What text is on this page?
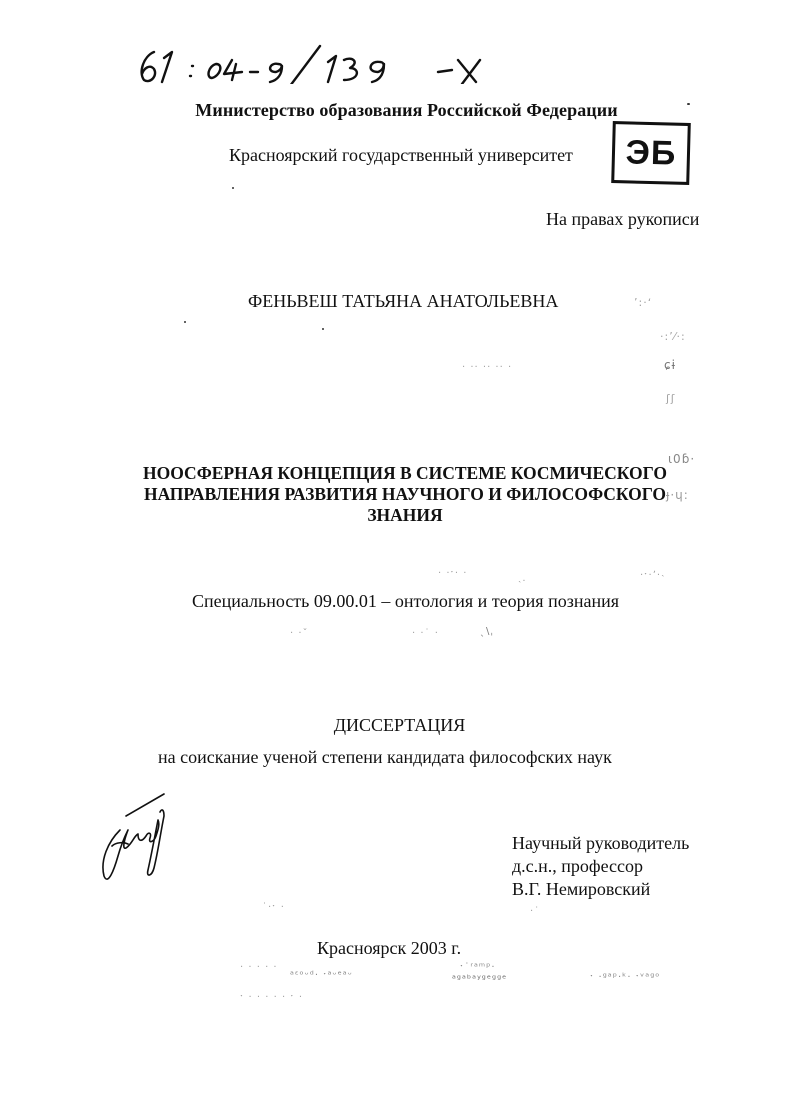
Министерство образования Российской Федерации
Красноярский государственный университет ЭБ
На правах рукописи
ФЕНЬВЕШ ТАТЬЯНА АНАТОЛЬЕВНА
НООСФЕРНАЯ КОНЦЕПЦИЯ В СИСТЕМЕ КОСМИЧЕСКОГО
НАПРАВЛЕНИЯ РАЗВИТИЯ НАУЧНОГО И ФИЛОСОФСКОГО
ЗНАНИЯ
Специальность 09.00.01 – онтология и теория познания
ДИССЕРТАЦИЯ
на соискание ученой степени кандидата философских наук
Научный руководитель
д.с.н., профессор
В.Г. Немировский
Красноярск 2003 г.
· ·· ·· ·· ·
ʼ:·ʻ
·:ʼ⁄·:
ɕɨ
ʃʃ
ɩ0ɓ·
ɟ·ɥ:
· ·ˑ· ·
˴·
·ˑ·ʼ·˴
· ·ˇ	· ·˙ ·	ˎ\ˌ
˙·ˑ ·	·˙
· · · · ·
ᵃᵋᵒᵕᵈ· ˑᵃᵕᵉᵃᵕ
ˑ˙ʳᵃᵐᵖ·
ᵃᵍᵃᵇᵃʸᵍᵉᵍᵍᵉ	ˑ ·ᵍᵃᵖ·ᵏ· ˑᵛᵃᵍᵒ
ˑ · · · · · ˑ ·
